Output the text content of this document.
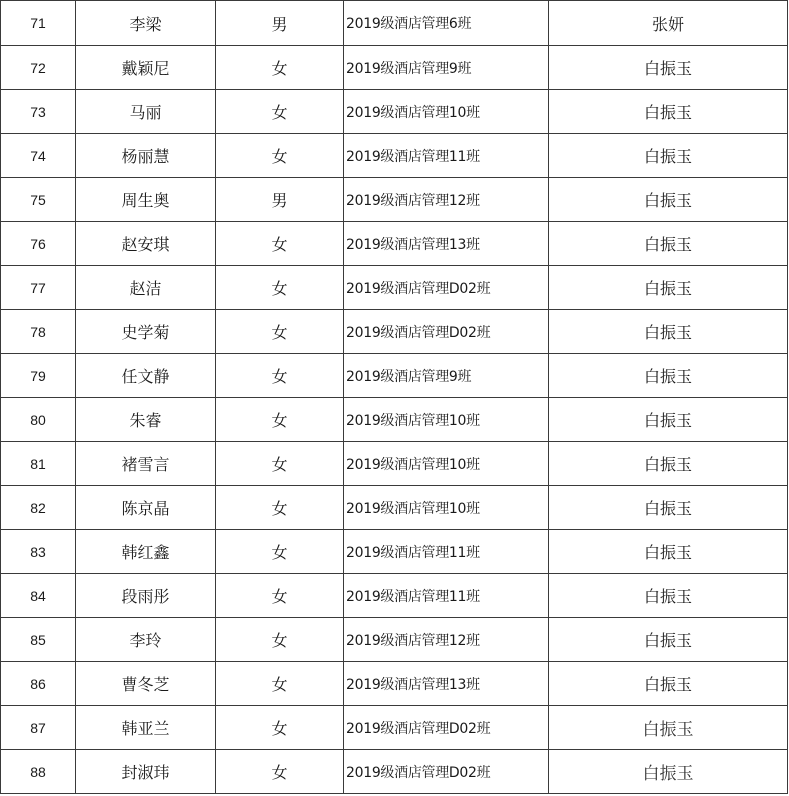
71	李梁	男	2019级酒店管理6班	张妍
72	戴颖尼	女	2019级酒店管理9班	白振玉
73	马丽	女	2019级酒店管理10班	白振玉
74	杨丽慧	女	2019级酒店管理11班	白振玉
75	周生奥	男	2019级酒店管理12班	白振玉
76	赵安琪	女	2019级酒店管理13班	白振玉
77	赵洁	女	2019级酒店管理D02班	白振玉
78	史学菊	女	2019级酒店管理D02班	白振玉
79	任文静	女	2019级酒店管理9班	白振玉
80	朱睿	女	2019级酒店管理10班	白振玉
81	褚雪言	女	2019级酒店管理10班	白振玉
82	陈京晶	女	2019级酒店管理10班	白振玉
83	韩红鑫	女	2019级酒店管理11班	白振玉
84	段雨彤	女	2019级酒店管理11班	白振玉
85	李玲	女	2019级酒店管理12班	白振玉
86	曹冬芝	女	2019级酒店管理13班	白振玉
87	韩亚兰	女	2019级酒店管理D02班	白振玉
88	封淑玮	女	2019级酒店管理D02班	白振玉
